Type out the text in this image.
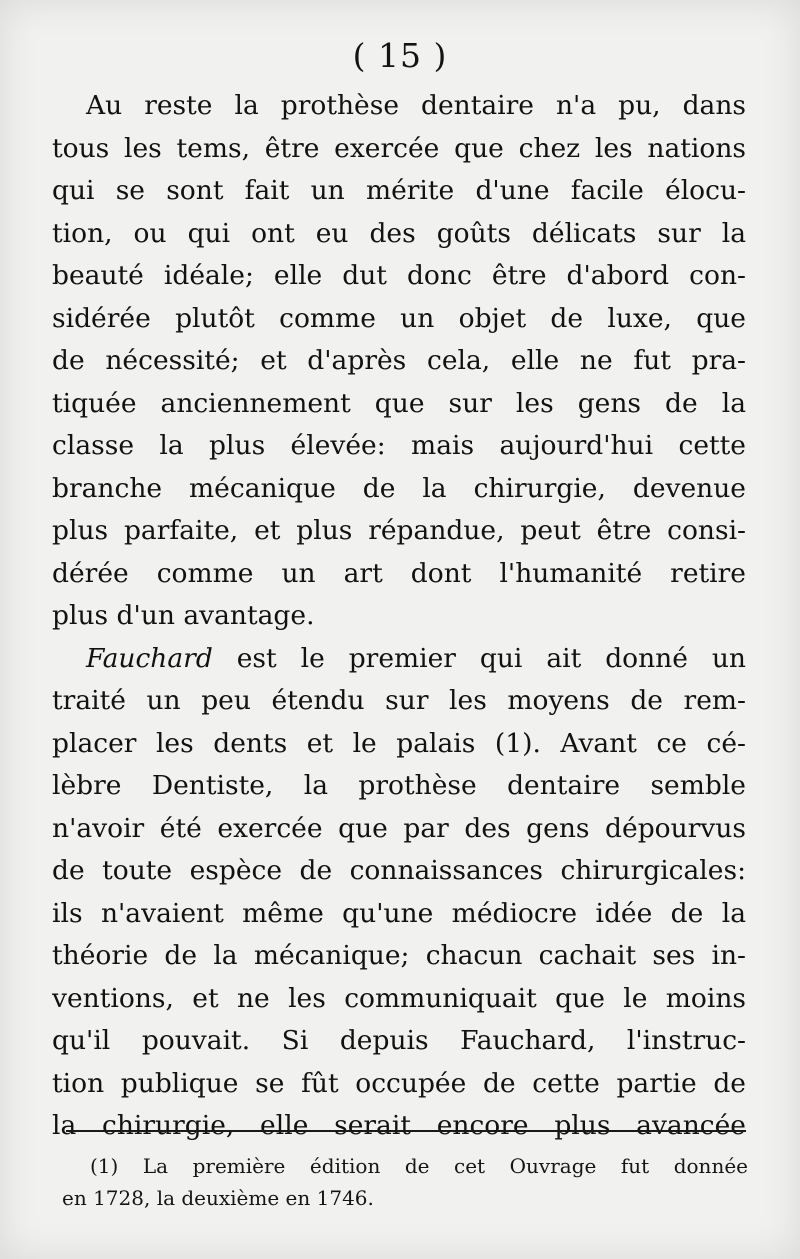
( 15 )
Au reste la prothèse dentaire n'a pu, dans
tous les tems, être exercée que chez les nations
qui se sont fait un mérite d'une facile élocu-
tion, ou qui ont eu des goûts délicats sur la
beauté idéale; elle dut donc être d'abord con-
sidérée plutôt comme un objet de luxe, que
de nécessité; et d'après cela, elle ne fut pra-
tiquée anciennement que sur les gens de la
classe la plus élevée: mais aujourd'hui cette
branche mécanique de la chirurgie, devenue
plus parfaite, et plus répandue, peut être consi-
dérée comme un art dont l'humanité retire
plus d'un avantage.
Fauchard est le premier qui ait donné un
traité un peu étendu sur les moyens de rem-
placer les dents et le palais (1). Avant ce cé-
lèbre Dentiste, la prothèse dentaire semble
n'avoir été exercée que par des gens dépourvus
de toute espèce de connaissances chirurgicales:
ils n'avaient même qu'une médiocre idée de la
théorie de la mécanique; chacun cachait ses in-
ventions, et ne les communiquait que le moins
qu'il pouvait. Si depuis Fauchard, l'instruc-
tion publique se fût occupée de cette partie de
la chirurgie, elle serait encore plus avancée
(1) La première édition de cet Ouvrage fut donnée
en 1728, la deuxième en 1746.
